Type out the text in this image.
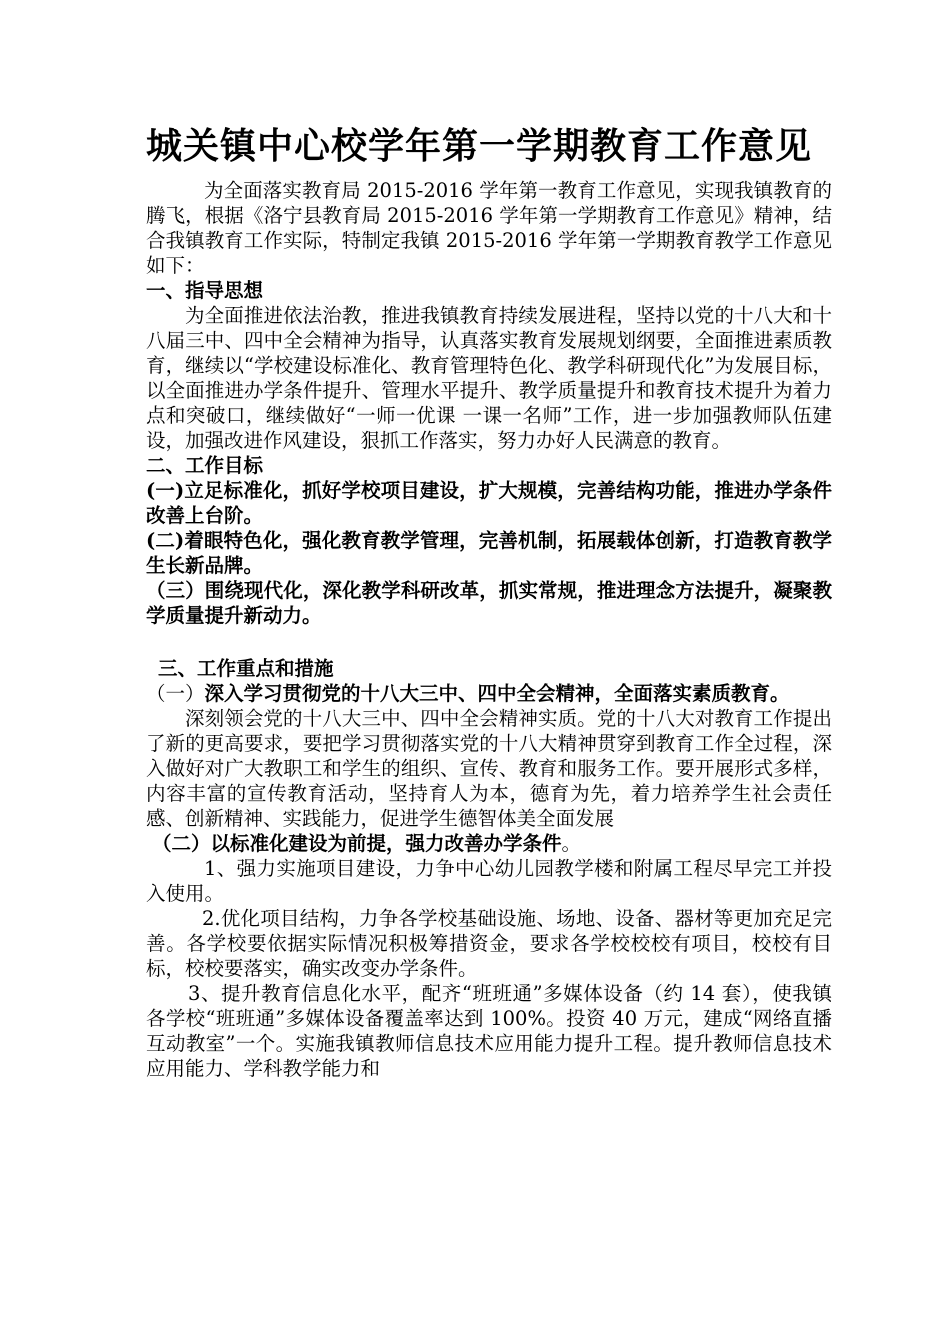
城关镇中心校学年第一学期教育工作意见

为全面落实教育局 2015-2016 学年第一教育工作意见，实现我镇教育的腾飞，根据《洛宁县教育局 2015-2016 学年第一学期教育工作意见》精神，结合我镇教育工作实际，特制定我镇 2015-2016 学年第一学期教育教学工作意见如下：

一、指导思想

为全面推进依法治教，推进我镇教育持续发展进程，坚持以党的十八大和十八届三中、四中全会精神为指导，认真落实教育发展规划纲要，全面推进素质教育，继续以“学校建设标准化、教育管理特色化、教学科研现代化”为发展目标，以全面推进办学条件提升、管理水平提升、教学质量提升和教育技术提升为着力点和突破口，继续做好“一师一优课 一课一名师”工作，进一步加强教师队伍建设，加强改进作风建设，狠抓工作落实，努力办好人民满意的教育。

二、工作目标

(一)立足标准化，抓好学校项目建设，扩大规模，完善结构功能，推进办学条件改善上台阶。

(二)着眼特色化，强化教育教学管理，完善机制，拓展载体创新，打造教育教学生长新品牌。

（三）围绕现代化，深化教学科研改革，抓实常规，推进理念方法提升，凝聚教学质量提升新动力。

三、工作重点和措施

（一）深入学习贯彻党的十八大三中、四中全会精神，全面落实素质教育。

深刻领会党的十八大三中、四中全会精神实质。党的十八大对教育工作提出了新的更高要求，要把学习贯彻落实党的十八大精神贯穿到教育工作全过程，深入做好对广大教职工和学生的组织、宣传、教育和服务工作。要开展形式多样，内容丰富的宣传教育活动，坚持育人为本，德育为先，着力培养学生社会责任感、创新精神、实践能力，促进学生德智体美全面发展

（二）以标准化建设为前提，强力改善办学条件。

1、强力实施项目建设，力争中心幼儿园教学楼和附属工程尽早完工并投入使用。

2.优化项目结构，力争各学校基础设施、场地、设备、器材等更加充足完善。各学校要依据实际情况积极筹措资金，要求各学校校校有项目，校校有目标，校校要落实，确实改变办学条件。

3、提升教育信息化水平，配齐“班班通”多媒体设备（约 14 套），使我镇各学校“班班通”多媒体设备覆盖率达到 100%。投资 40 万元，建成“网络直播互动教室”一个。实施我镇教师信息技术应用能力提升工程。提升教师信息技术应用能力、学科教学能力和
